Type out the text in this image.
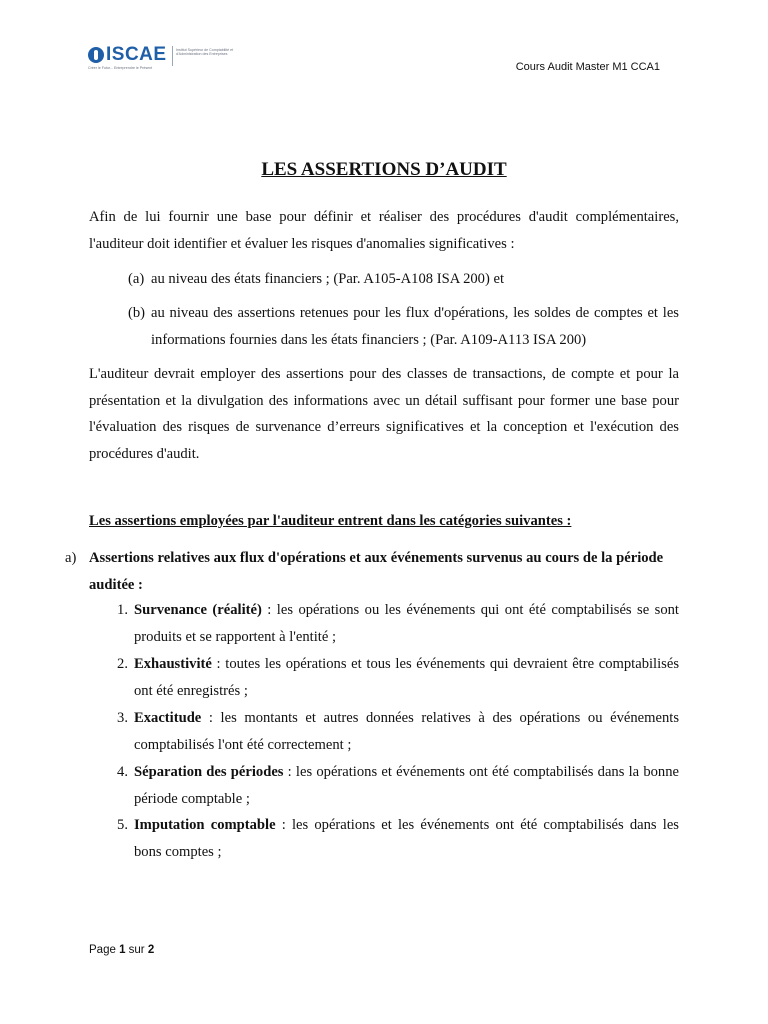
ISCAE	Institut Supérieur de Comptabilité et d'Administration des Entreprises
Créer le Futur... Entreprendre le Présent	Cours Audit Master M1 CCA1
LES ASSERTIONS D’AUDIT
Afin de lui fournir une base pour définir et réaliser des procédures d'audit complémentaires, l'auditeur doit identifier et évaluer les risques d'anomalies significatives :
(a) au niveau des états financiers ; (Par. A105-A108 ISA 200) et
(b) au niveau des assertions retenues pour les flux d'opérations, les soldes de comptes et les informations fournies dans les états financiers ; (Par. A109-A113 ISA 200)
L'auditeur devrait employer des assertions pour des classes de transactions, de compte et pour la présentation et la divulgation des informations avec un détail suffisant pour former une base pour l'évaluation des risques de survenance d’erreurs significatives et la conception et l'exécution des procédures d'audit.
Les assertions employées par l'auditeur entrent dans les catégories suivantes :
a) Assertions relatives aux flux d'opérations et aux événements survenus au cours de la période auditée :
1. Survenance (réalité) : les opérations ou les événements qui ont été comptabilisés se sont produits et se rapportent à l'entité ;
2. Exhaustivité : toutes les opérations et tous les événements qui devraient être comptabilisés ont été enregistrés ;
3. Exactitude : les montants et autres données relatives à des opérations ou événements comptabilisés l'ont été correctement ;
4. Séparation des périodes : les opérations et événements ont été comptabilisés dans la bonne période comptable ;
5. Imputation comptable : les opérations et les événements ont été comptabilisés dans les bons comptes ;
Page 1 sur 2
